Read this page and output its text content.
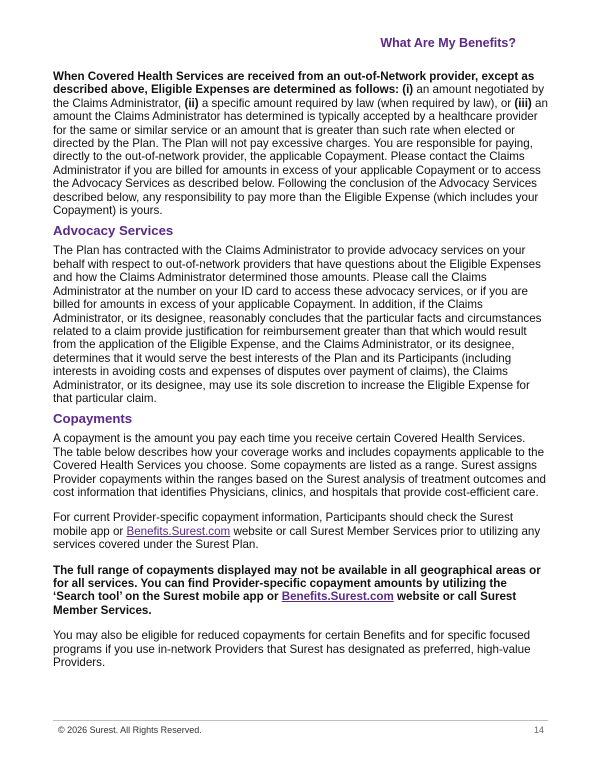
What Are My Benefits?

When Covered Health Services are received from an out-of-Network provider, except as described above, Eligible Expenses are determined as follows: (i) an amount negotiated by the Claims Administrator, (ii) a specific amount required by law (when required by law), or (iii) an amount the Claims Administrator has determined is typically accepted by a healthcare provider for the same or similar service or an amount that is greater than such rate when elected or directed by the Plan. The Plan will not pay excessive charges. You are responsible for paying, directly to the out-of-network provider, the applicable Copayment. Please contact the Claims Administrator if you are billed for amounts in excess of your applicable Copayment or to access the Advocacy Services as described below. Following the conclusion of the Advocacy Services described below, any responsibility to pay more than the Eligible Expense (which includes your Copayment) is yours.

Advocacy Services

The Plan has contracted with the Claims Administrator to provide advocacy services on your behalf with respect to out-of-network providers that have questions about the Eligible Expenses and how the Claims Administrator determined those amounts. Please call the Claims Administrator at the number on your ID card to access these advocacy services, or if you are billed for amounts in excess of your applicable Copayment. In addition, if the Claims Administrator, or its designee, reasonably concludes that the particular facts and circumstances related to a claim provide justification for reimbursement greater than that which would result from the application of the Eligible Expense, and the Claims Administrator, or its designee, determines that it would serve the best interests of the Plan and its Participants (including interests in avoiding costs and expenses of disputes over payment of claims), the Claims Administrator, or its designee, may use its sole discretion to increase the Eligible Expense for that particular claim.

Copayments

A copayment is the amount you pay each time you receive certain Covered Health Services. The table below describes how your coverage works and includes copayments applicable to the Covered Health Services you choose. Some copayments are listed as a range. Surest assigns Provider copayments within the ranges based on the Surest analysis of treatment outcomes and cost information that identifies Physicians, clinics, and hospitals that provide cost-efficient care.

For current Provider-specific copayment information, Participants should check the Surest mobile app or Benefits.Surest.com website or call Surest Member Services prior to utilizing any services covered under the Surest Plan.

The full range of copayments displayed may not be available in all geographical areas or for all services. You can find Provider-specific copayment amounts by utilizing the ‘Search tool’ on the Surest mobile app or Benefits.Surest.com website or call Surest Member Services.

You may also be eligible for reduced copayments for certain Benefits and for specific focused programs if you use in-network Providers that Surest has designated as preferred, high-value Providers.

© 2026 Surest. All Rights Reserved.	14
